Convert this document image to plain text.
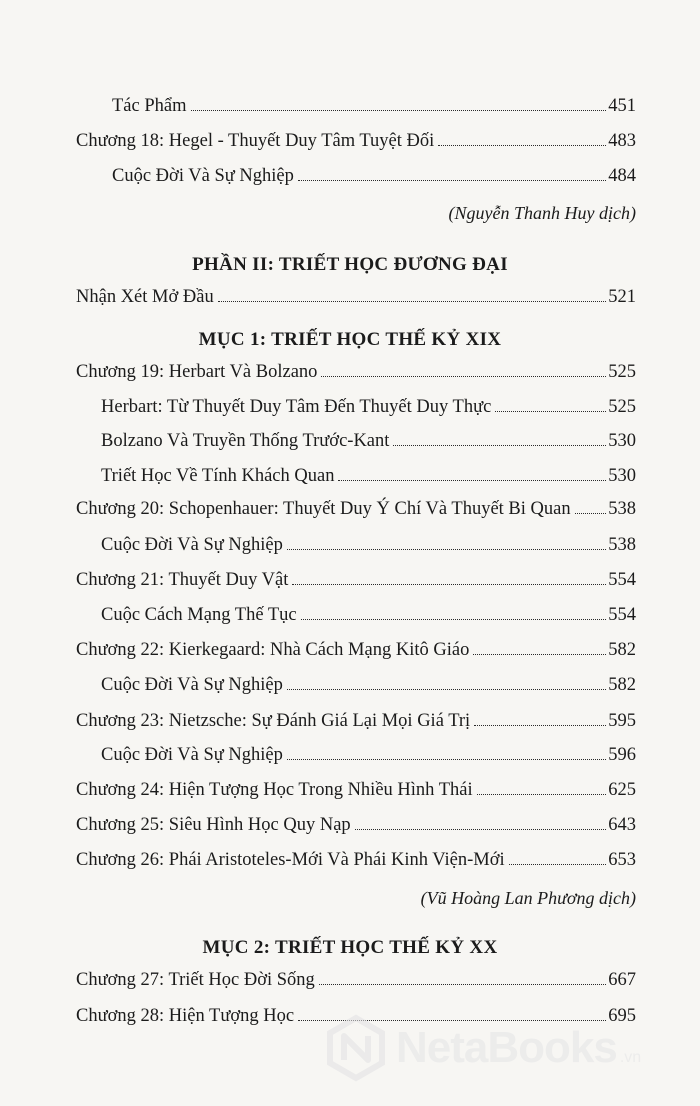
Tác Phẩm	451
Chương 18: Hegel - Thuyết Duy Tâm Tuyệt Đối	483
Cuộc Đời Và Sự Nghiệp	484
(Nguyễn Thanh Huy dịch)
PHẦN II: TRIẾT HỌC ĐƯƠNG ĐẠI
Nhận Xét Mở Đầu	521
MỤC 1: TRIẾT HỌC THẾ KỶ XIX
Chương 19: Herbart Và Bolzano	525
Herbart: Từ Thuyết Duy Tâm Đến Thuyết Duy Thực	525
Bolzano Và Truyền Thống Trước-Kant	530
Triết Học Về Tính Khách Quan	530
Chương 20: Schopenhauer: Thuyết Duy Ý Chí Và Thuyết Bi Quan 538
Cuộc Đời Và Sự Nghiệp	538
Chương 21: Thuyết Duy Vật	554
Cuộc Cách Mạng Thế Tục	554
Chương 22: Kierkegaard: Nhà Cách Mạng Kitô Giáo	582
Cuộc Đời Và Sự Nghiệp	582
Chương 23: Nietzsche: Sự Đánh Giá Lại Mọi Giá Trị	595
Cuộc Đời Và Sự Nghiệp	596
Chương 24: Hiện Tượng Học Trong Nhiều Hình Thái	625
Chương 25: Siêu Hình Học Quy Nạp	643
Chương 26: Phái Aristoteles-Mới Và Phái Kinh Viện-Mới	653
(Vũ Hoàng Lan Phương dịch)
MỤC 2: TRIẾT HỌC THẾ KỶ XX
Chương 27: Triết Học Đời Sống	667
Chương 28: Hiện Tượng Học	695
NetaBooks .vn
